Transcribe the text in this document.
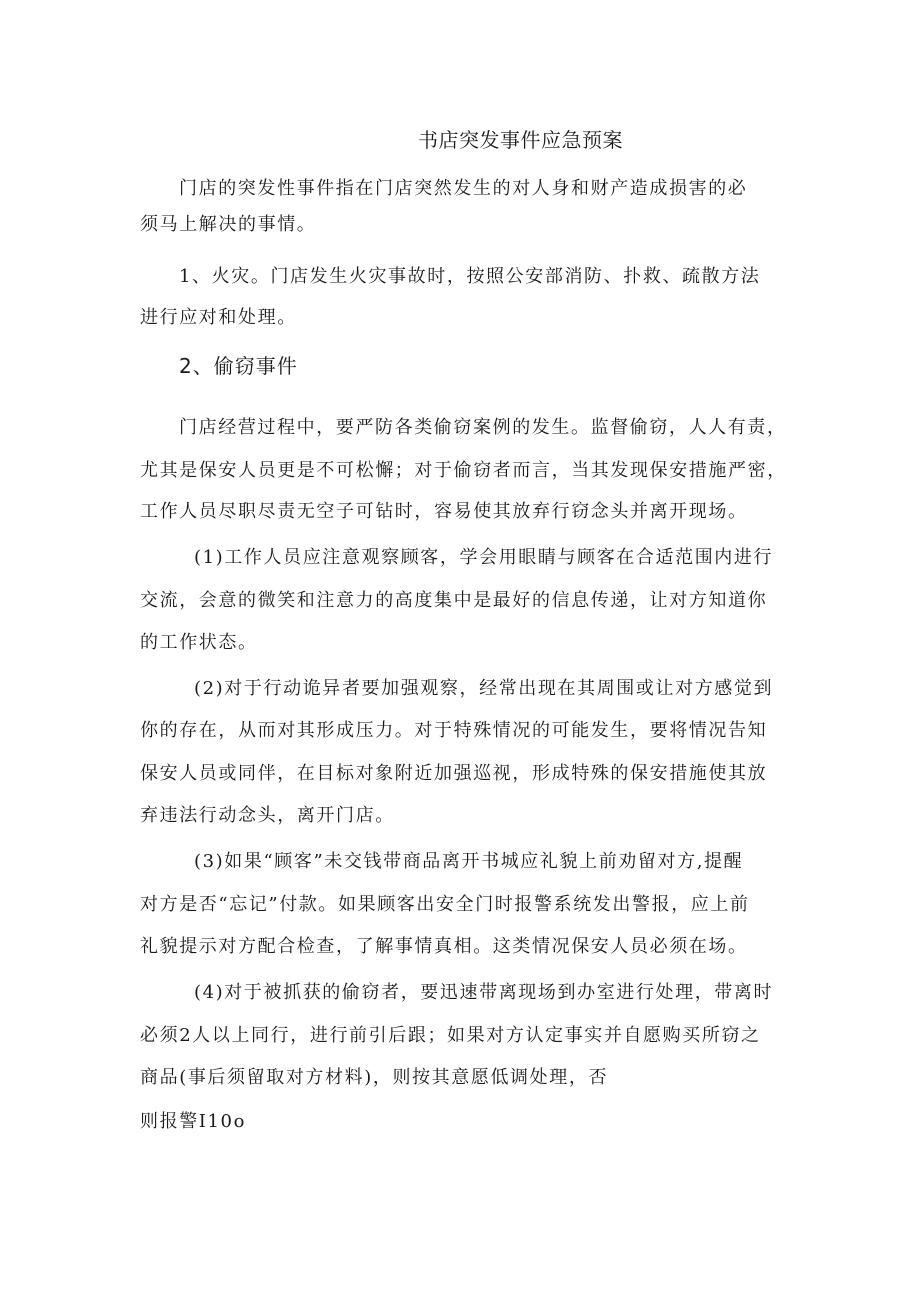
书店突发事件应急预案
门店的突发性事件指在门店突然发生的对人身和财产造成损害的必
须马上解决的事情。
1、火灾。门店发生火灾事故时，按照公安部消防、扑救、疏散方法
进行应对和处理。
2、偷窃事件
门店经营过程中，要严防各类偷窃案例的发生。监督偷窃，人人有责，
尤其是保安人员更是不可松懈；对于偷窃者而言，当其发现保安措施严密，
工作人员尽职尽责无空子可钻时，容易使其放弃行窃念头并离开现场。
(1)工作人员应注意观察顾客，学会用眼睛与顾客在合适范围内进行
交流，会意的微笑和注意力的高度集中是最好的信息传递，让对方知道你
的工作状态。
(2)对于行动诡异者要加强观察，经常出现在其周围或让对方感觉到
你的存在，从而对其形成压力。对于特殊情况的可能发生，要将情况告知
保安人员或同伴，在目标对象附近加强巡视，形成特殊的保安措施使其放
弃违法行动念头，离开门店。
(3)如果“顾客”未交钱带商品离开书城应礼貌上前劝留对方,提醒
对方是否“忘记”付款。如果顾客出安全门时报警系统发出警报，应上前
礼貌提示对方配合检查，了解事情真相。这类情况保安人员必须在场。
(4)对于被抓获的偷窃者，要迅速带离现场到办室进行处理，带离时
必须2人以上同行，进行前引后跟；如果对方认定事实并自愿购买所窃之
商品(事后须留取对方材料)，则按其意愿低调处理，否
则报警I10o
